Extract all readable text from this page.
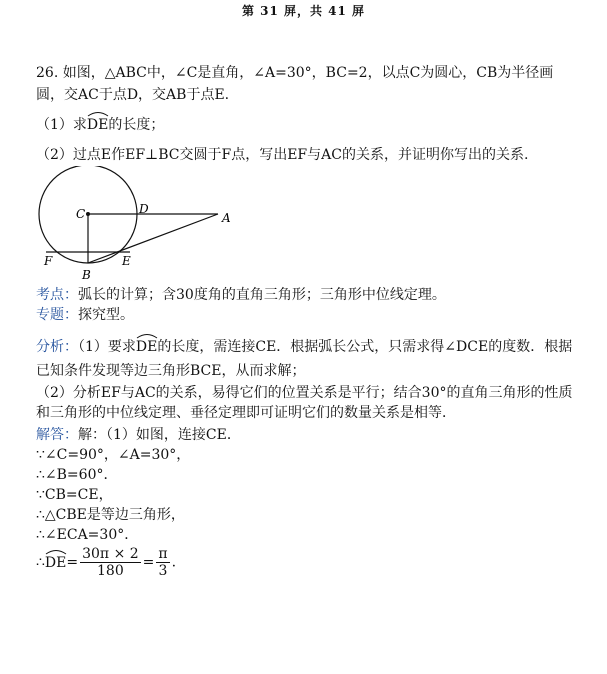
第 31 屏，共 41 屏
26. 如图，△ABC中，∠C是直角，∠A=30°，BC=2，以点C为圆心，CB为半径画
圆，交AC于点D，交AB于点E.
（1）求
DE的长度；
（2）过点E作EF⊥BC交圆于F点，写出EF与AC的关系，并证明你写出的关系.
C	D
A
F
B
E
考点：弧长的计算；含30度角的直角三角形；三角形中位线定理。
专题：探究型。
分析：（1）要求
DE的长度，需连接CE．根据弧长公式，只需求得∠DCE的度数．根据
已知条件发现等边三角形BCE，从而求解；
（2）分析EF与AC的关系，易得它们的位置关系是平行；结合30°的直角三角形的性质
和三角形的中位线定理、垂径定理即可证明它们的数量关系是相等．
解答：解：（1）如图，连接CE．
∵∠C=90°，∠A=30°，
∴∠B=60°．
∵CB=CE，
∴△CBE是等边三角形，
∴∠ECA=30°．
∴
$DE= \frac{30\pi \times 2}{180} = \frac{\pi}{3}$ .
